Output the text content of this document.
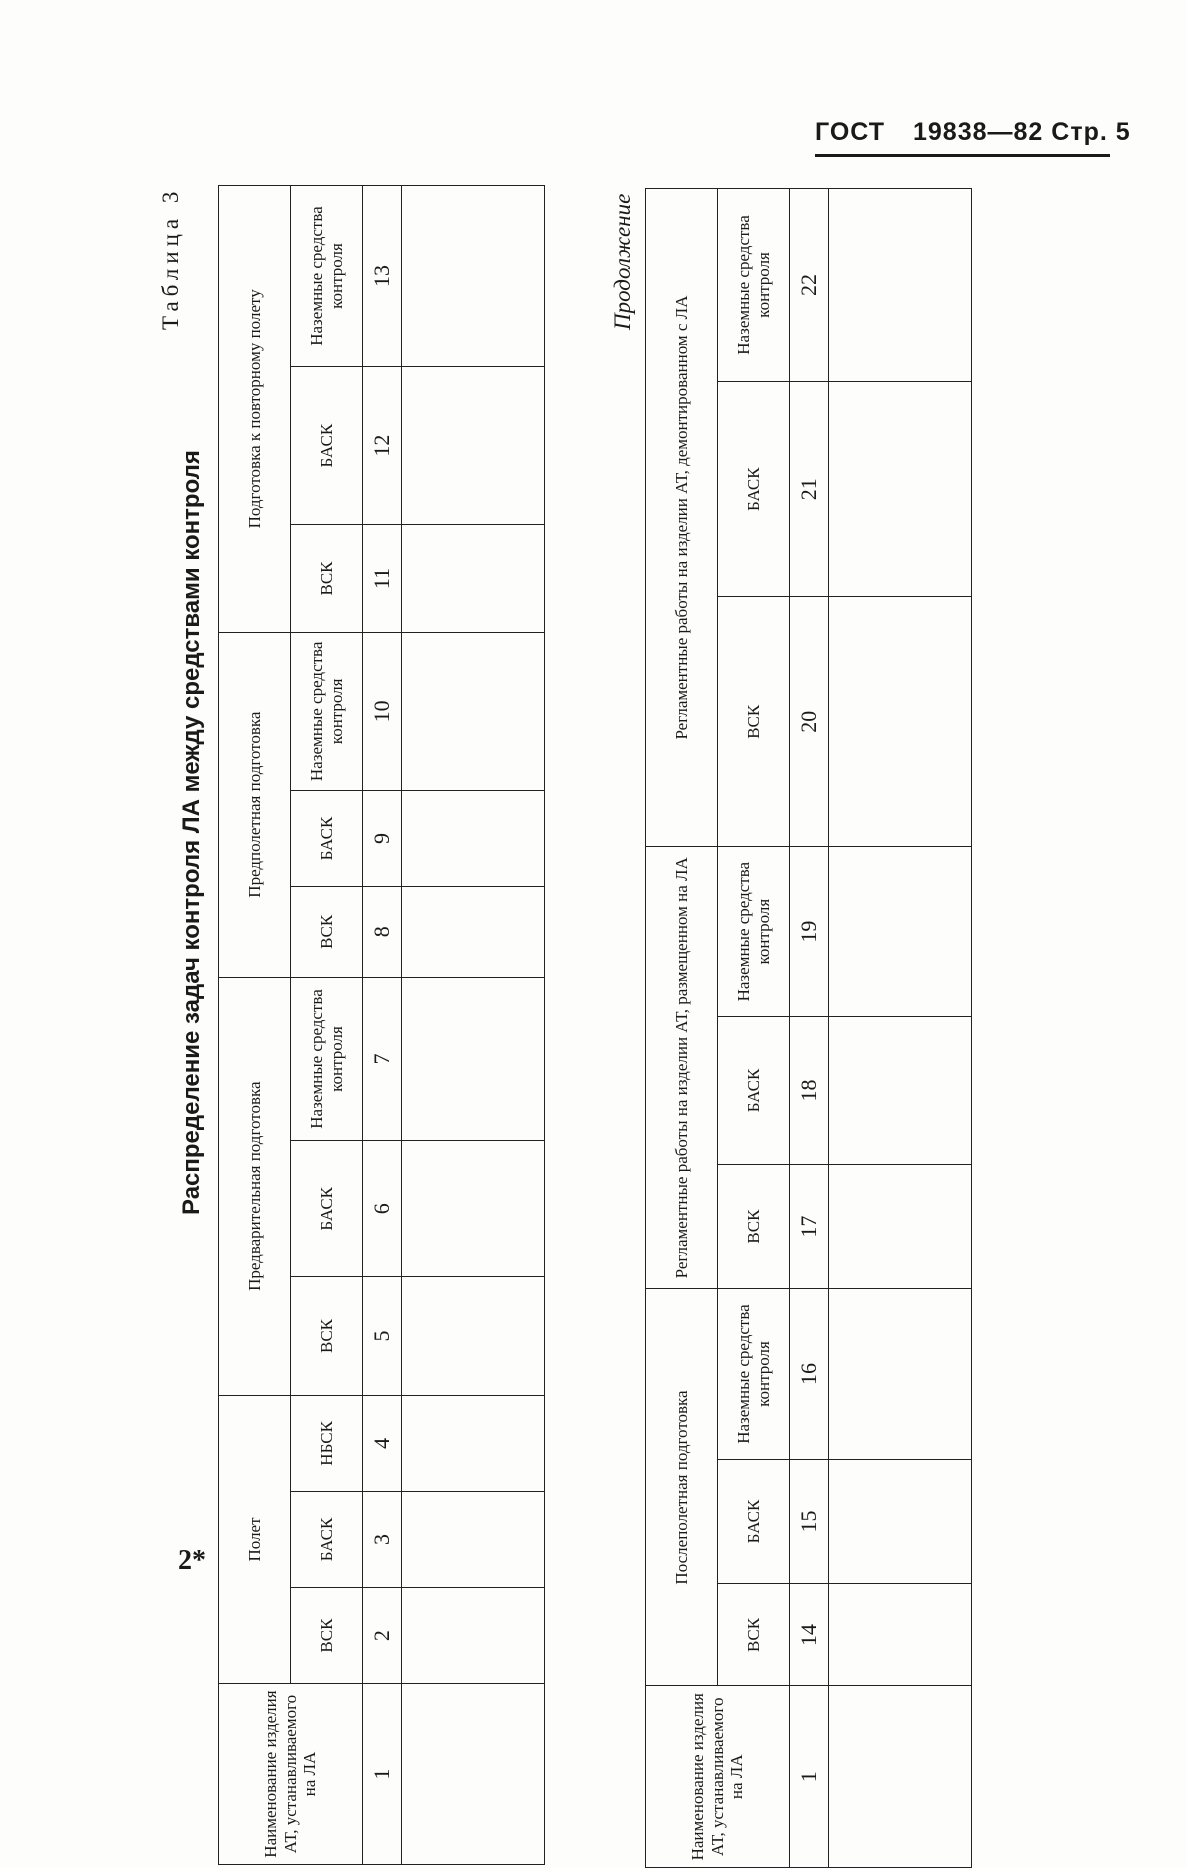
ГОСТ 19838—82 Стр. 5
Распределение задач контроля ЛА между средствами контроля
Таблица 3	Продолжение
Наименование изделия АТ, устанавливаемого на ЛА	Полет			Предварительная подготовка			Предполетная подготовка			Подготовка к повторному полету		
	ВСК	БАСК	НБСК	ВСК	БАСК	Наземные средства контроля	ВСК	БАСК	Наземные средства контроля	ВСК	БАСК	Наземные средства контроля
1	2	3	4	5	6	7	8	9	10	11	12	13

Наименование изделия АТ, устанавливаемого на ЛА	Послеполетная подготовка			Регламентные работы на изделии АТ, размещенном на ЛА			Регламентные работы на изделии АТ, демонтированном с ЛА		
	ВСК	БАСК	Наземные средства контроля	ВСК	БАСК	Наземные средства контроля	ВСК	БАСК	Наземные средства контроля
1	14	15	16	17	18	19	20	21	22

2*
